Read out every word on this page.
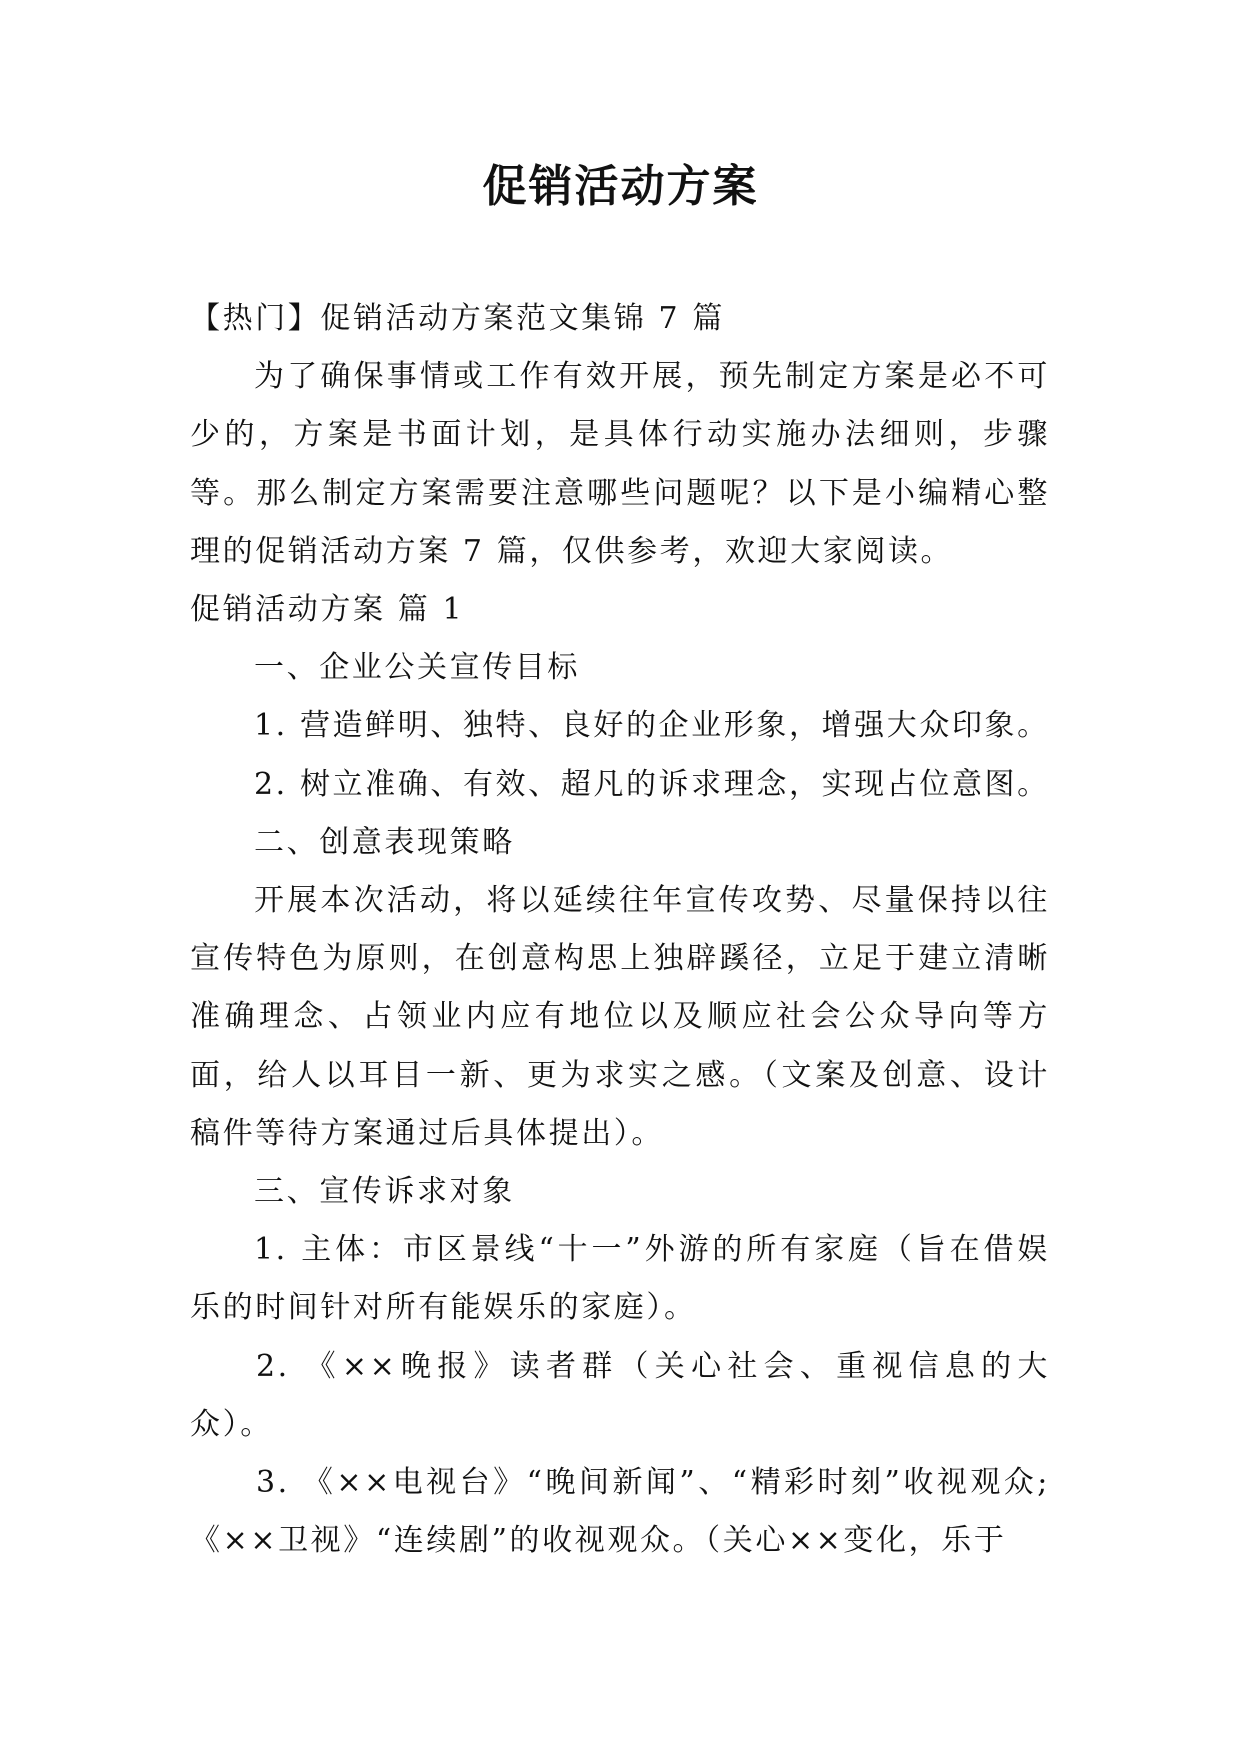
促销活动方案

【热门】促销活动方案范文集锦 7 篇

为了确保事情或工作有效开展，预先制定方案是必不可少的，方案是书面计划，是具体行动实施办法细则，步骤等。那么制定方案需要注意哪些问题呢？以下是小编精心整理的促销活动方案 7 篇，仅供参考，欢迎大家阅读。

促销活动方案 篇 1

一、企业公关宣传目标

1. 营造鲜明、独特、良好的企业形象，增强大众印象。

2. 树立准确、有效、超凡的诉求理念，实现占位意图。

二、创意表现策略

开展本次活动，将以延续往年宣传攻势、尽量保持以往宣传特色为原则，在创意构思上独辟蹊径，立足于建立清晰准确理念、占领业内应有地位以及顺应社会公众导向等方面，给人以耳目一新、更为求实之感。（文案及创意、设计稿件等待方案通过后具体提出）。

三、宣传诉求对象

1. 主体：市区景线“十一”外游的所有家庭（旨在借娱乐的时间针对所有能娱乐的家庭）。

2. 《××晚报》读者群（关心社会、重视信息的大众）。

3. 《××电视台》“晚间新闻”、“精彩时刻”收视观众;《××卫视》“连续剧”的收视观众。（关心××变化，乐于
